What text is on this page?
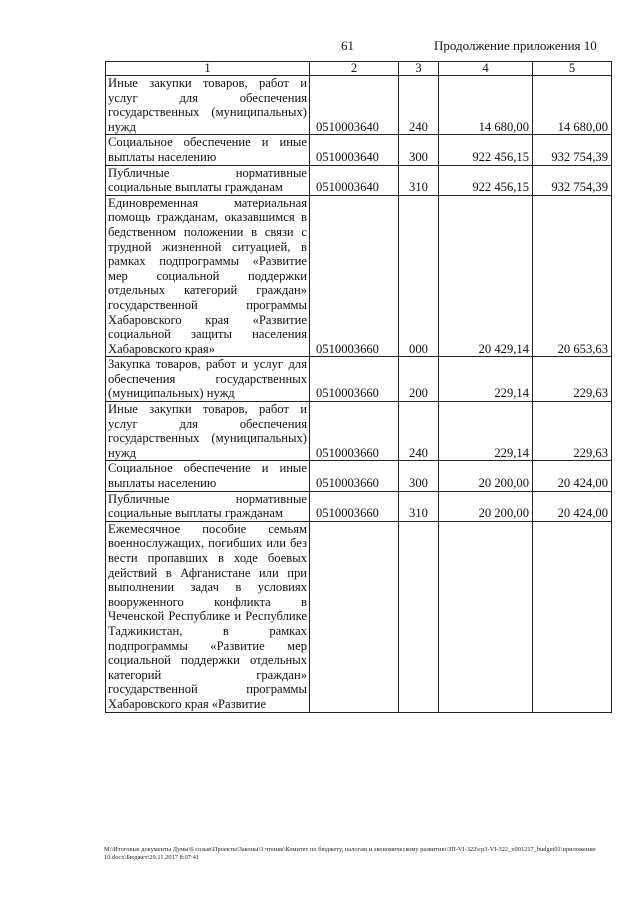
61	Продолжение приложения 10
1	2	3	4	5
Иные закупки товаров, работ и услуг для обеспечения государственных (муниципальных) нужд	0510003640	240	14 680,00	14 680,00
Социальное обеспечение и иные выплаты населению	0510003640	300	922 456,15	932 754,39
Публичные нормативные социальные выплаты гражданам	0510003640	310	922 456,15	932 754,39
Единовременная материальная помощь гражданам, оказавшимся в бедственном положении в связи с трудной жизненной ситуацией, в рамках подпрограммы «Развитие мер социальной поддержки отдельных категорий граждан» государственной программы Хабаровского края «Развитие социальной защиты населения Хабаровского края»	0510003660	000	20 429,14	20 653,63
Закупка товаров, работ и услуг для обеспечения государственных (муниципальных) нужд	0510003660	200	229,14	229,63
Иные закупки товаров, работ и услуг для обеспечения государственных (муниципальных) нужд	0510003660	240	229,14	229,63
Социальное обеспечение и иные выплаты населению	0510003660	300	20 200,00	20 424,00
Публичные нормативные социальные выплаты гражданам	0510003660	310	20 200,00	20 424,00
Ежемесячное пособие семьям военнослужащих, погибших или без вести пропавших в ходе боевых действий в Афганистане или при выполнении задач в условиях вооруженного конфликта в Чеченской Республике и Республике Таджикистан, в рамках подпрограммы «Развитие мер социальной поддержки отдельных категорий граждан» государственной программы Хабаровского края «Развитие				
М:\Итоговые документы Думы\6 созыв\Проекты\Законы\3 чтение\Комитет по бюджету, налогам и экономическому развитию\ЗП-VI-322\ср3-VI-322_v001217_budget01\приложение 10.docx\Бюджет\29.11.2017 8:07:41
